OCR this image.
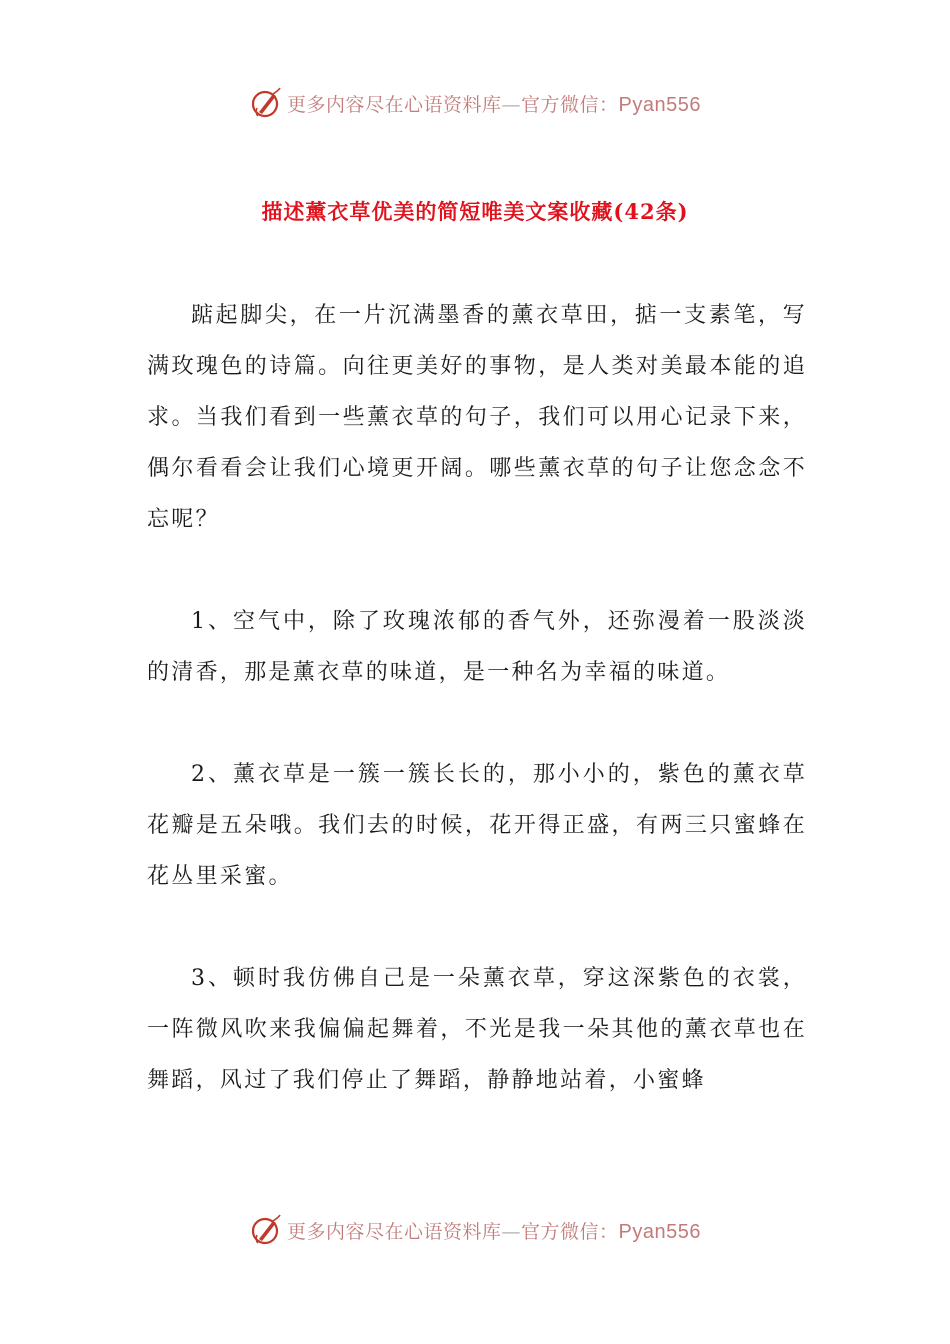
更多内容尽在心语资料库—官方微信：Pyan556
描述薰衣草优美的简短唯美文案收藏(42条)

踮起脚尖，在一片沉满墨香的薰衣草田，掂一支素笔，写满玫瑰色的诗篇。向往更美好的事物，是人类对美最本能的追求。当我们看到一些薰衣草的句子，我们可以用心记录下来，偶尔看看会让我们心境更开阔。哪些薰衣草的句子让您念念不忘呢？

1、空气中，除了玫瑰浓郁的香气外，还弥漫着一股淡淡的清香，那是薰衣草的味道，是一种名为幸福的味道。

2、薰衣草是一簇一簇长长的，那小小的，紫色的薰衣草花瓣是五朵哦。我们去的时候，花开得正盛，有两三只蜜蜂在花丛里采蜜。

3、顿时我仿佛自己是一朵薰衣草，穿这深紫色的衣裳，一阵微风吹来我偏偏起舞着，不光是我一朵其他的薰衣草也在舞蹈，风过了我们停止了舞蹈，静静地站着，小蜜蜂

更多内容尽在心语资料库—官方微信：Pyan556
